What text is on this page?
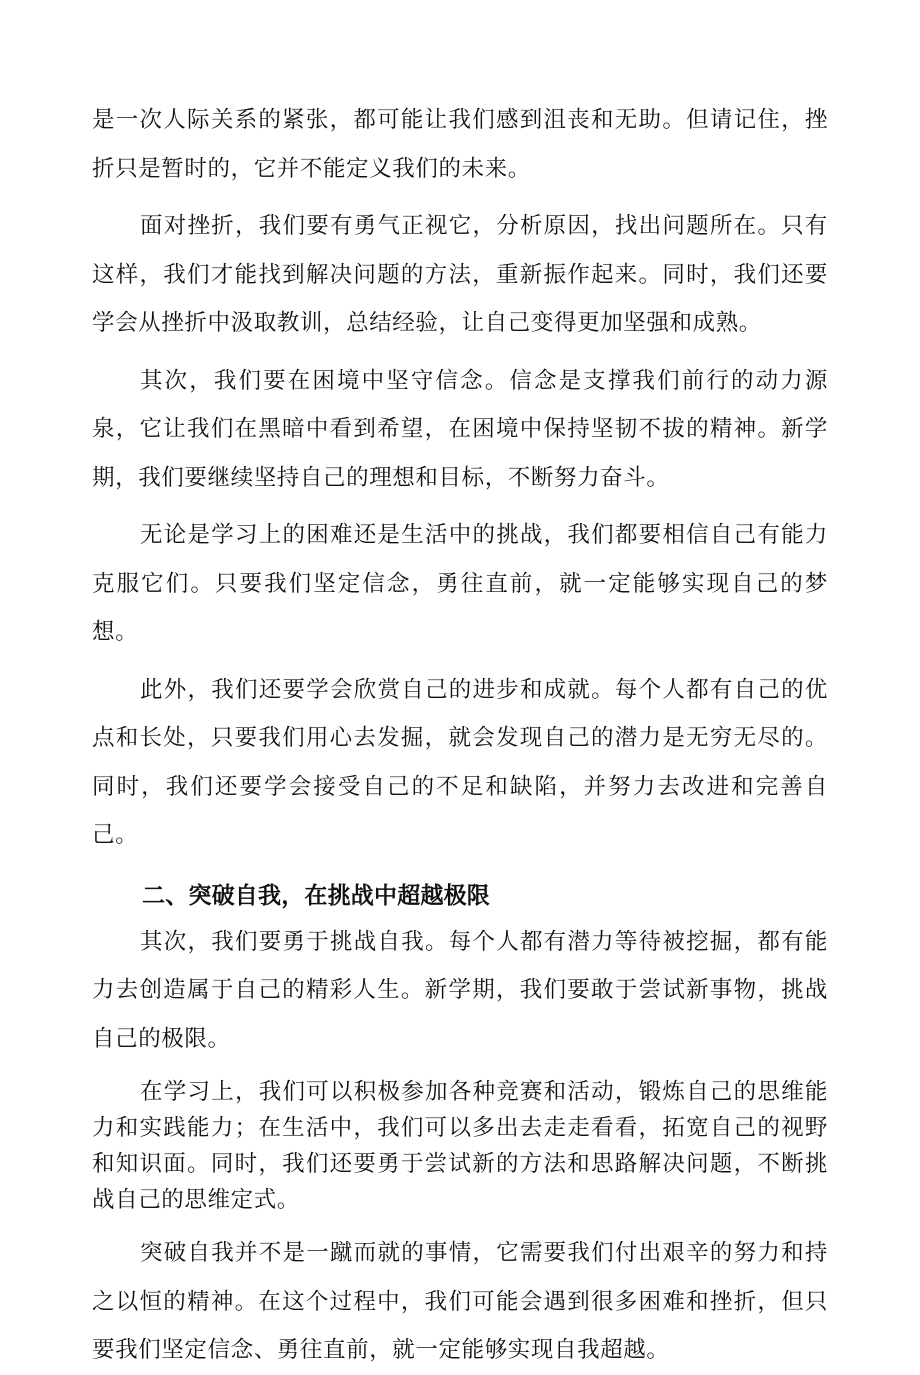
是一次人际关系的紧张，都可能让我们感到沮丧和无助。但请记住，挫折只是暂时的，它并不能定义我们的未来。

面对挫折，我们要有勇气正视它，分析原因，找出问题所在。只有这样，我们才能找到解决问题的方法，重新振作起来。同时，我们还要学会从挫折中汲取教训，总结经验，让自己变得更加坚强和成熟。

其次，我们要在困境中坚守信念。信念是支撑我们前行的动力源泉，它让我们在黑暗中看到希望，在困境中保持坚韧不拔的精神。新学期，我们要继续坚持自己的理想和目标，不断努力奋斗。

无论是学习上的困难还是生活中的挑战，我们都要相信自己有能力克服它们。只要我们坚定信念，勇往直前，就一定能够实现自己的梦想。

此外，我们还要学会欣赏自己的进步和成就。每个人都有自己的优点和长处，只要我们用心去发掘，就会发现自己的潜力是无穷无尽的。同时，我们还要学会接受自己的不足和缺陷，并努力去改进和完善自己。

二、突破自我，在挑战中超越极限

其次，我们要勇于挑战自我。每个人都有潜力等待被挖掘，都有能力去创造属于自己的精彩人生。新学期，我们要敢于尝试新事物，挑战自己的极限。

在学习上，我们可以积极参加各种竞赛和活动，锻炼自己的思维能力和实践能力；在生活中，我们可以多出去走走看看，拓宽自己的视野和知识面。同时，我们还要勇于尝试新的方法和思路解决问题，不断挑战自己的思维定式。

突破自我并不是一蹴而就的事情，它需要我们付出艰辛的努力和持之以恒的精神。在这个过程中，我们可能会遇到很多困难和挫折，但只要我们坚定信念、勇往直前，就一定能够实现自我超越。
